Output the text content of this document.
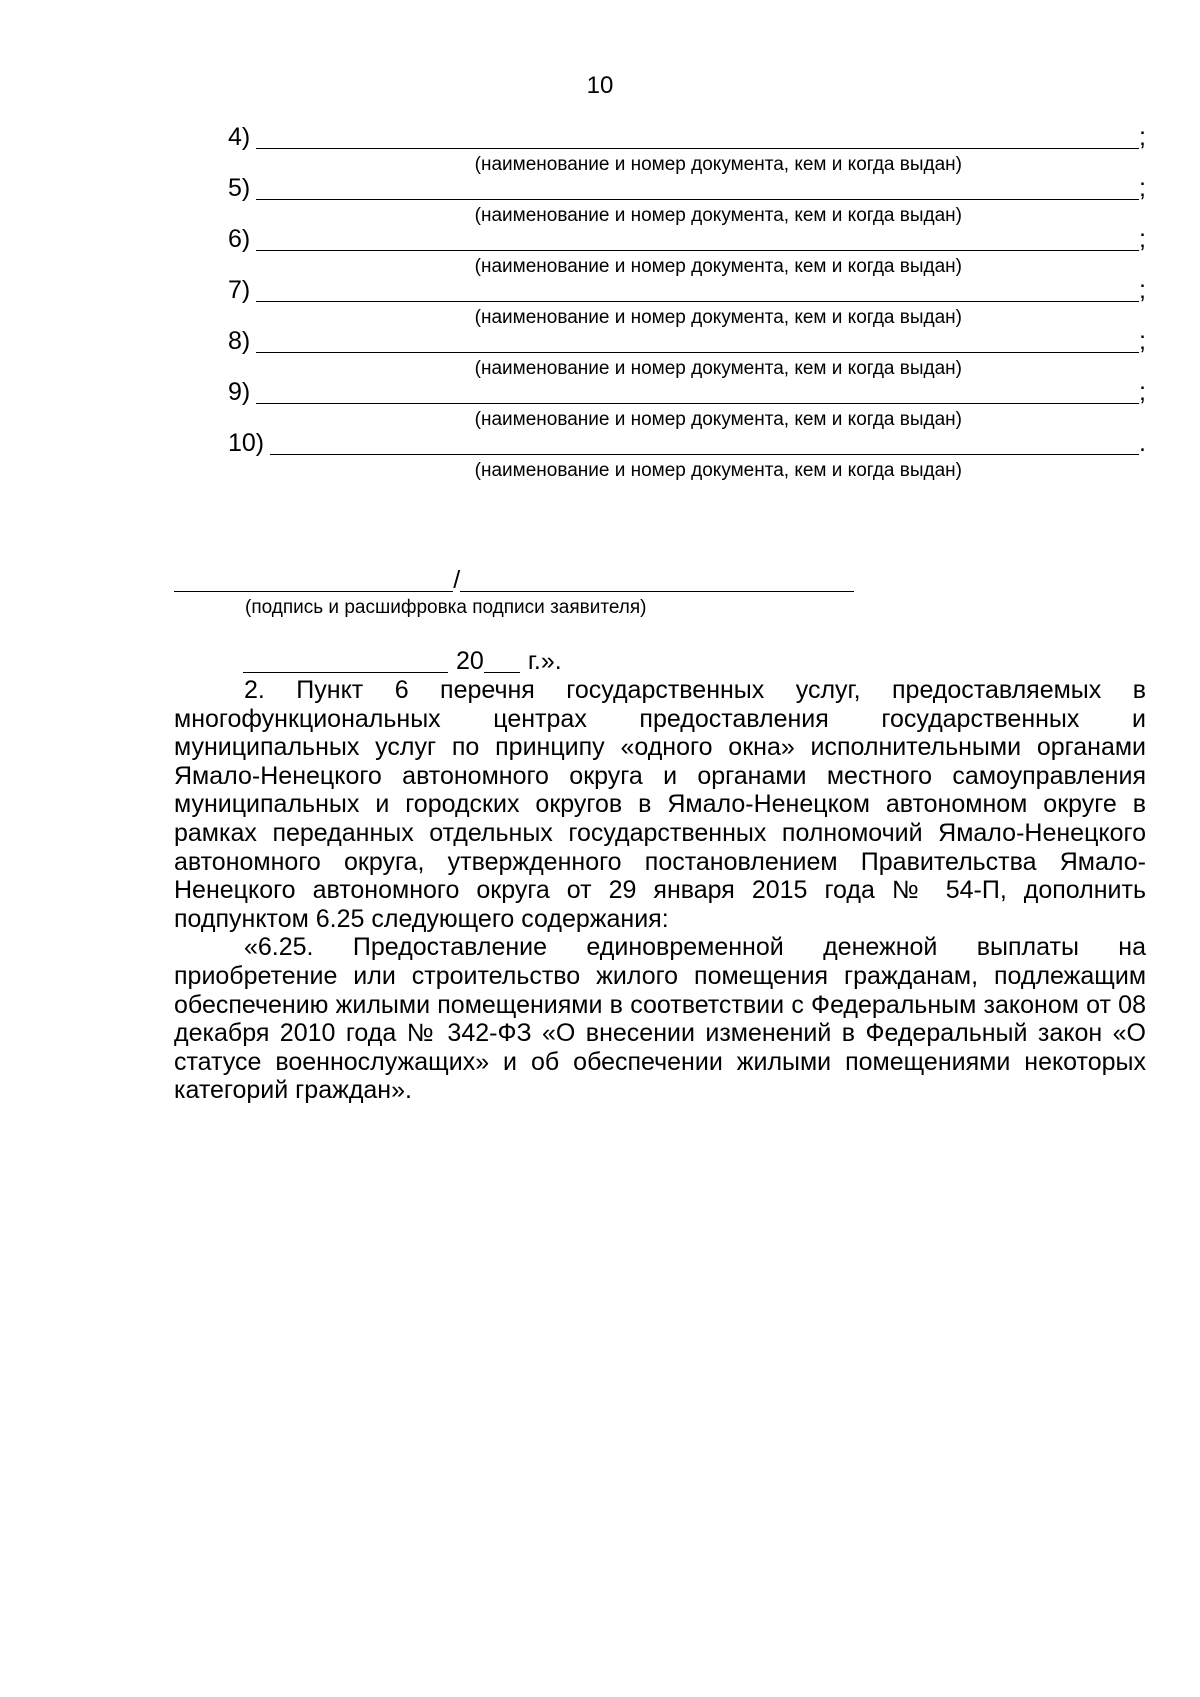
10
4)	;
(наименование и номер документа, кем и когда выдан)
5)	;
(наименование и номер документа, кем и когда выдан)
6)	;
(наименование и номер документа, кем и когда выдан)
7)	;
(наименование и номер документа, кем и когда выдан)
8)	;
(наименование и номер документа, кем и когда выдан)
9)	;
(наименование и номер документа, кем и когда выдан)
10)	.
(наименование и номер документа, кем и когда выдан)
/
(подпись и расшифровка подписи заявителя)
20 г.».

2. Пункт 6 перечня государственных услуг, предоставляемых в многофункциональных центрах предоставления государственных и муниципальных услуг по принципу «одного окна» исполнительными органами Ямало-Ненецкого автономного округа и органами местного самоуправления муниципальных и городских округов в Ямало-Ненецком автономном округе в рамках переданных отдельных государственных полномочий Ямало-Ненецкого автономного округа, утвержденного постановлением Правительства Ямало-Ненецкого автономного округа от 29 января 2015 года № 54-П, дополнить подпунктом 6.25 следующего содержания:

«6.25. Предоставление единовременной денежной выплаты на приобретение или строительство жилого помещения гражданам, подлежащим обеспечению жилыми помещениями в соответствии с Федеральным законом от 08 декабря 2010 года № 342-ФЗ «О внесении изменений в Федеральный закон «О статусе военнослужащих» и об обеспечении жилыми помещениями некоторых категорий граждан».
